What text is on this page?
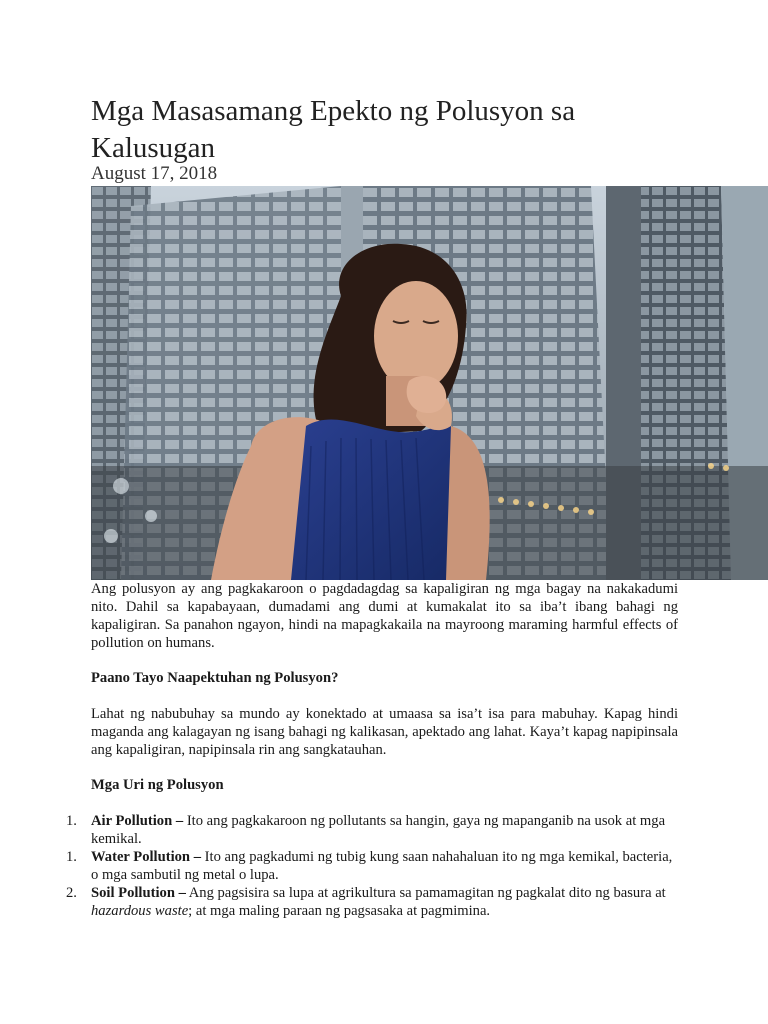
Mga Masasamang Epekto ng Polusyon sa Kalusugan
August 17, 2018
Ang polusyon ay ang pagkakaroon o pagdadagdag sa kapaligiran ng mga bagay na nakakadumi nito. Dahil sa kapabayaan, dumadami ang dumi at kumakalat ito sa iba’t ibang bahagi ng kapaligiran. Sa panahon ngayon, hindi na mapagkakaila na mayroong maraming harmful effects of pollution on humans.
Paano Tayo Naapektuhan ng Polusyon?
Lahat ng nabubuhay sa mundo ay konektado at umaasa sa isa’t isa para mabuhay. Kapag hindi maganda ang kalagayan ng isang bahagi ng kalikasan, apektado ang lahat. Kaya’t kapag napipinsala ang kapaligiran, napipinsala rin ang sangkatauhan.
Mga Uri ng Polusyon
1. Air Pollution – Ito ang pagkakaroon ng pollutants sa hangin, gaya ng mapanganib na usok at mga kemikal.
1. Water Pollution – Ito ang pagkadumi ng tubig kung saan nahahaluan ito ng mga kemikal, bacteria, o mga sambutil ng metal o lupa.
2. Soil Pollution – Ang pagsisira sa lupa at agrikultura sa pamamagitan ng pagkalat dito ng basura at hazardous waste; at mga maling paraan ng pagsasaka at pagmimina.
